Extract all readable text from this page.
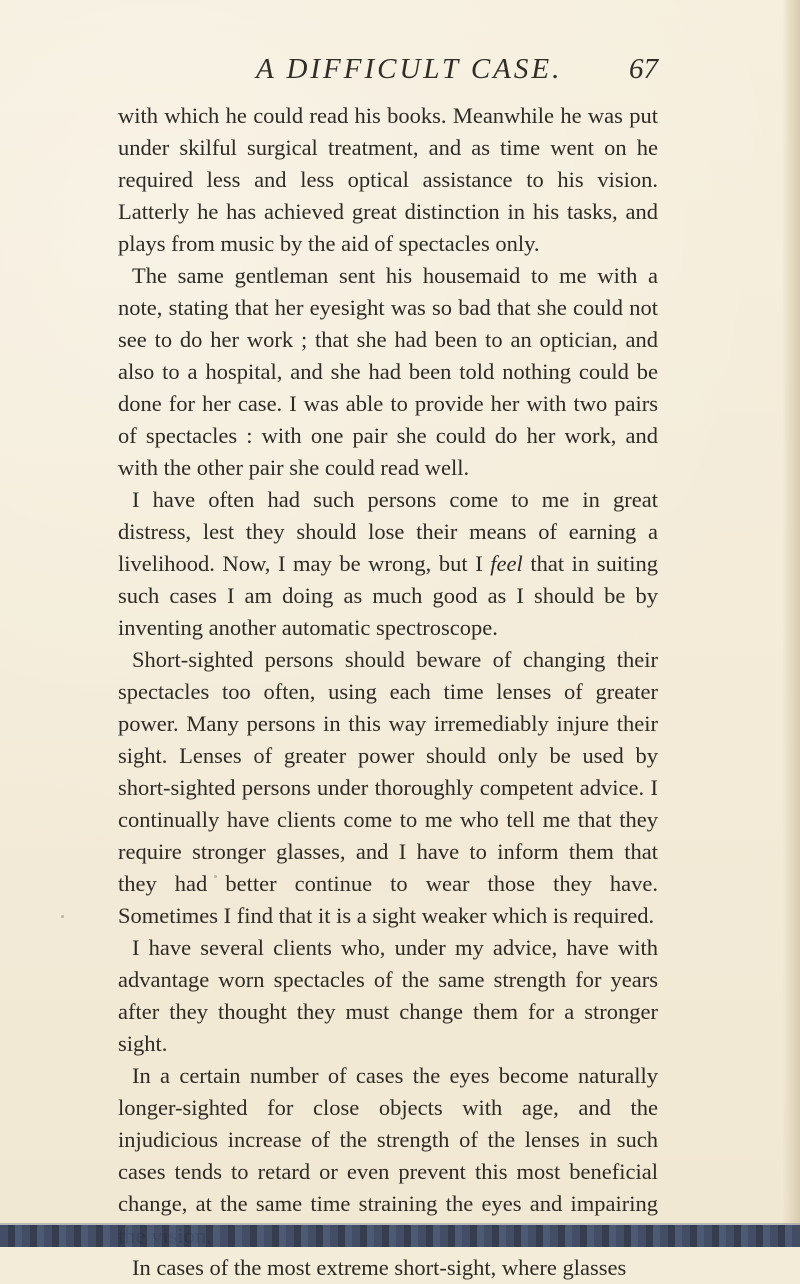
A DIFFICULT CASE. 67

with which he could read his books. Meanwhile he was put under skilful surgical treatment, and as time went on he required less and less optical assistance to his vision. Latterly he has achieved great distinction in his tasks, and plays from music by the aid of spectacles only.

The same gentleman sent his housemaid to me with a note, stating that her eyesight was so bad that she could not see to do her work ; that she had been to an optician, and also to a hospital, and she had been told nothing could be done for her case. I was able to provide her with two pairs of spectacles : with one pair she could do her work, and with the other pair she could read well.

I have often had such persons come to me in great distress, lest they should lose their means of earning a livelihood. Now, I may be wrong, but I feel that in suiting such cases I am doing as much good as I should be by inventing another automatic spectroscope.

Short-sighted persons should beware of changing their spectacles too often, using each time lenses of greater power. Many persons in this way irremediably injure their sight. Lenses of greater power should only be used by short-sighted persons under thoroughly competent advice. I continually have clients come to me who tell me that they require stronger glasses, and I have to inform them that they had better continue to wear those they have. Sometimes I find that it is a sight weaker which is required.

I have several clients who, under my advice, have with advantage worn spectacles of the same strength for years after they thought they must change them for a stronger sight.

In a certain number of cases the eyes become naturally longer-sighted for close objects with age, and the injudicious increase of the strength of the lenses in such cases tends to retard or even prevent this most beneficial change, at the same time straining the eyes and impairing

In cases of the most extreme short-sight, where glasses
